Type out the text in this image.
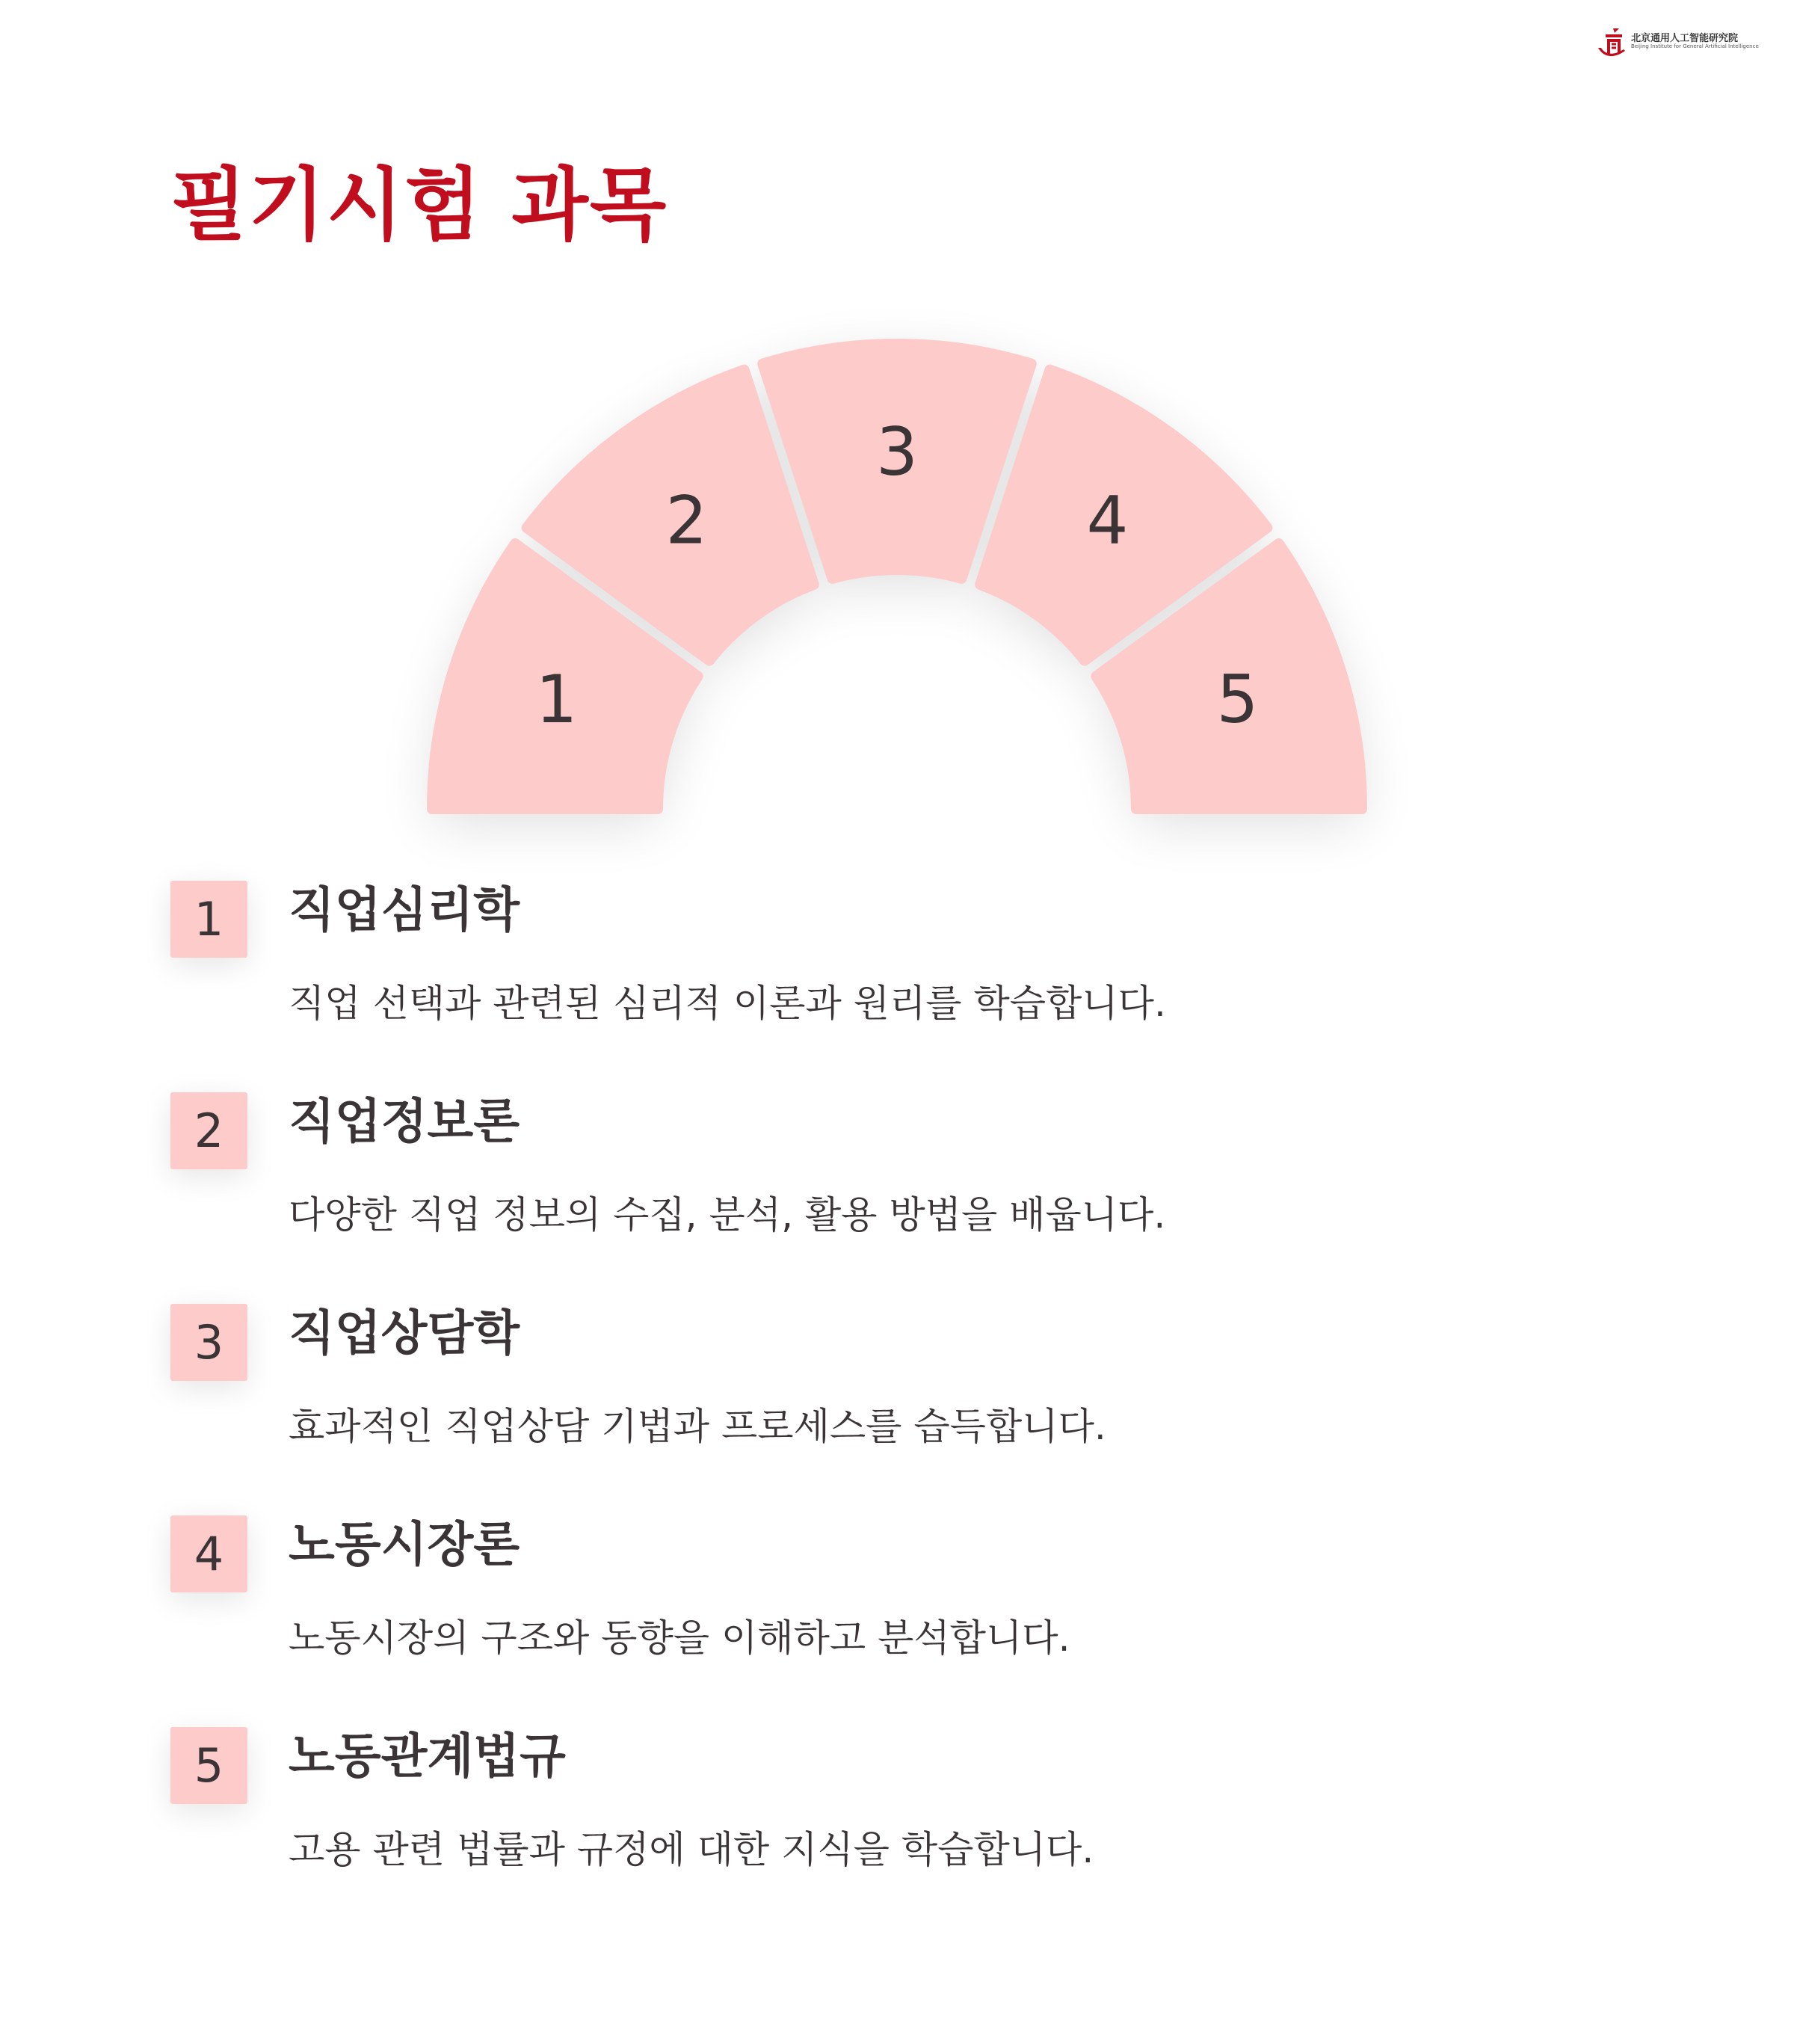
北京通用人工智能研究院
Beijing Institute for General Artificial Intelligence
필기시험 과목
1
2
3
4
5
1	직업심리학
직업 선택과 관련된 심리적 이론과 원리를 학습합니다.
2	직업정보론
다양한 직업 정보의 수집, 분석, 활용 방법을 배웁니다.
3	직업상담학
효과적인 직업상담 기법과 프로세스를 습득합니다.
4	노동시장론
노동시장의 구조와 동향을 이해하고 분석합니다.
5	노동관계법규
고용 관련 법률과 규정에 대한 지식을 학습합니다.
